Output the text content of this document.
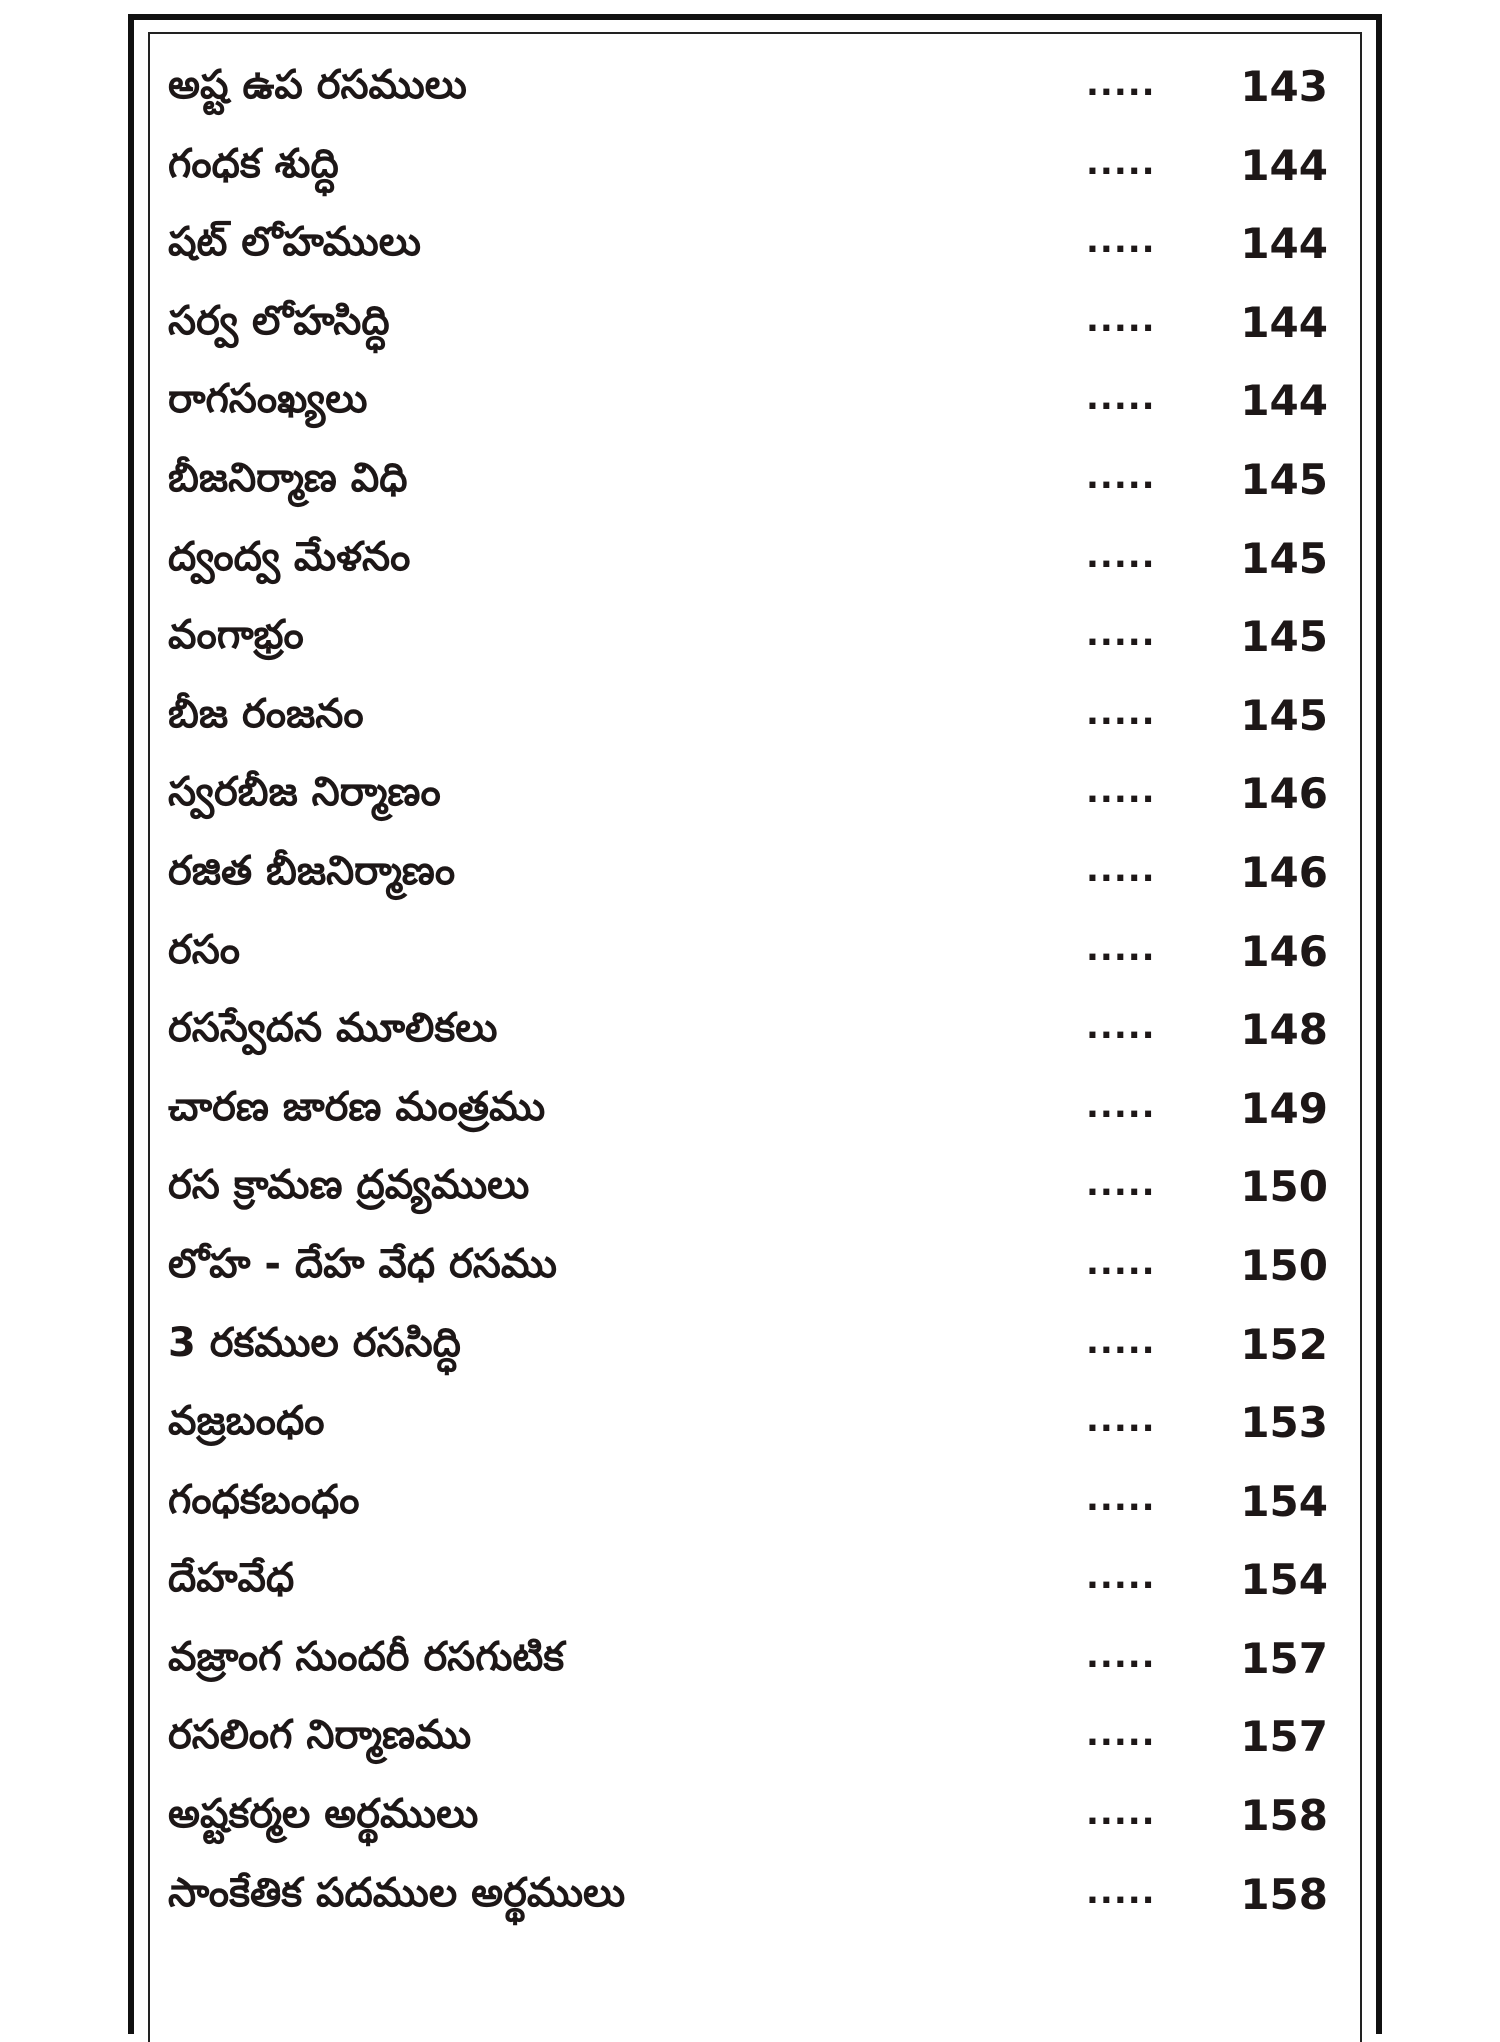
అష్ట ఉప రసములు	..... 143
గంధక శుద్ధి	..... 144
షట్ లోహములు	..... 144
సర్వ లోహసిద్ధి	..... 144
రాగసంఖ్యలు	..... 144
బీజనిర్మాణ విధి	..... 145
ద్వంద్వ మేళనం	..... 145
వంగాభ్రం	..... 145
బీజ రంజనం	..... 145
స్వరబీజ నిర్మాణం	..... 146
రజిత బీజనిర్మాణం	..... 146
రసం	..... 146
రసస్వేదన మూలికలు	..... 148
చారణ జారణ మంత్రము	..... 149
రస క్రామణ ద్రవ్యములు	..... 150
లోహ - దేహ వేధ రసము	..... 150
3 రకముల రససిద్ధి	..... 152
వజ్రబంధం	..... 153
గంధకబంధం	..... 154
దేహవేధ	..... 154
వజ్రాంగ సుందరీ రసగుటిక	..... 157
రసలింగ నిర్మాణము	..... 157
అష్టకర్మల అర్థములు	..... 158
సాంకేతిక పదముల అర్థములు	..... 158
